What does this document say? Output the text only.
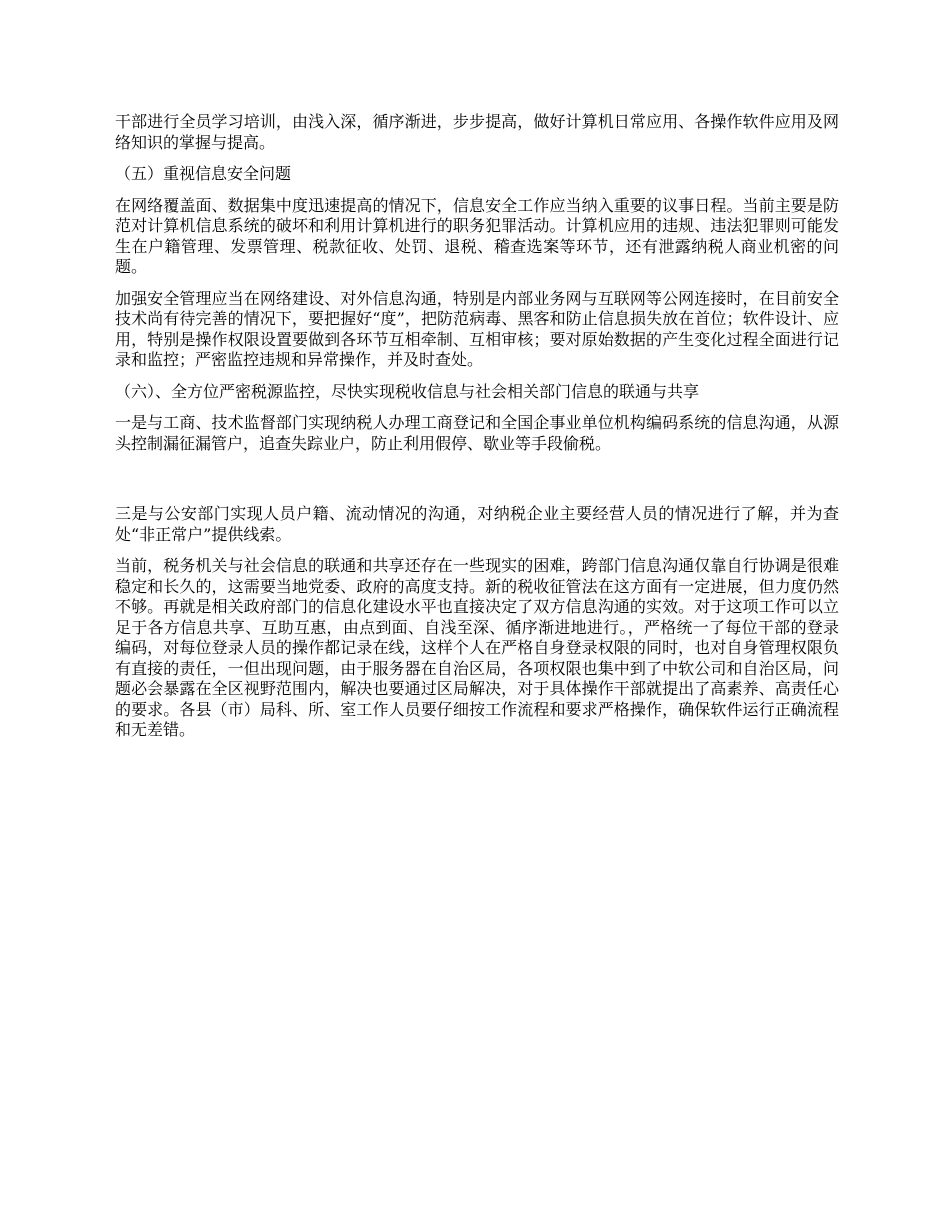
干部进行全员学习培训，由浅入深，循序渐进，步步提高，做好计算机日常应用、各操作软件应用及网络知识的掌握与提高。

（五）重视信息安全问题

在网络覆盖面、数据集中度迅速提高的情况下，信息安全工作应当纳入重要的议事日程。当前主要是防范对计算机信息系统的破坏和利用计算机进行的职务犯罪活动。计算机应用的违规、违法犯罪则可能发生在户籍管理、发票管理、税款征收、处罚、退税、稽查选案等环节，还有泄露纳税人商业机密的问题。

加强安全管理应当在网络建设、对外信息沟通，特别是内部业务网与互联网等公网连接时，在目前安全技术尚有待完善的情况下，要把握好“度”，把防范病毒、黑客和防止信息损失放在首位；软件设计、应用，特别是操作权限设置要做到各环节互相牵制、互相审核；要对原始数据的产生变化过程全面进行记录和监控；严密监控违规和异常操作，并及时查处。

（六）、全方位严密税源监控，尽快实现税收信息与社会相关部门信息的联通与共享

一是与工商、技术监督部门实现纳税人办理工商登记和全国企事业单位机构编码系统的信息沟通，从源头控制漏征漏管户，追查失踪业户，防止利用假停、歇业等手段偷税。

三是与公安部门实现人员户籍、流动情况的沟通，对纳税企业主要经营人员的情况进行了解，并为查处“非正常户”提供线索。

当前，税务机关与社会信息的联通和共享还存在一些现实的困难，跨部门信息沟通仅靠自行协调是很难稳定和长久的，这需要当地党委、政府的高度支持。新的税收征管法在这方面有一定进展，但力度仍然不够。再就是相关政府部门的信息化建设水平也直接决定了双方信息沟通的实效。对于这项工作可以立足于各方信息共享、互助互惠，由点到面、自浅至深、循序渐进地进行。，严格统一了每位干部的登录编码，对每位登录人员的操作都记录在线，这样个人在严格自身登录权限的同时，也对自身管理权限负有直接的责任，一但出现问题，由于服务器在自治区局，各项权限也集中到了中软公司和自治区局，问题必会暴露在全区视野范围内，解决也要通过区局解决，对于具体操作干部就提出了高素养、高责任心的要求。各县（市）局科、所、室工作人员要仔细按工作流程和要求严格操作，确保软件运行正确流程和无差错。
